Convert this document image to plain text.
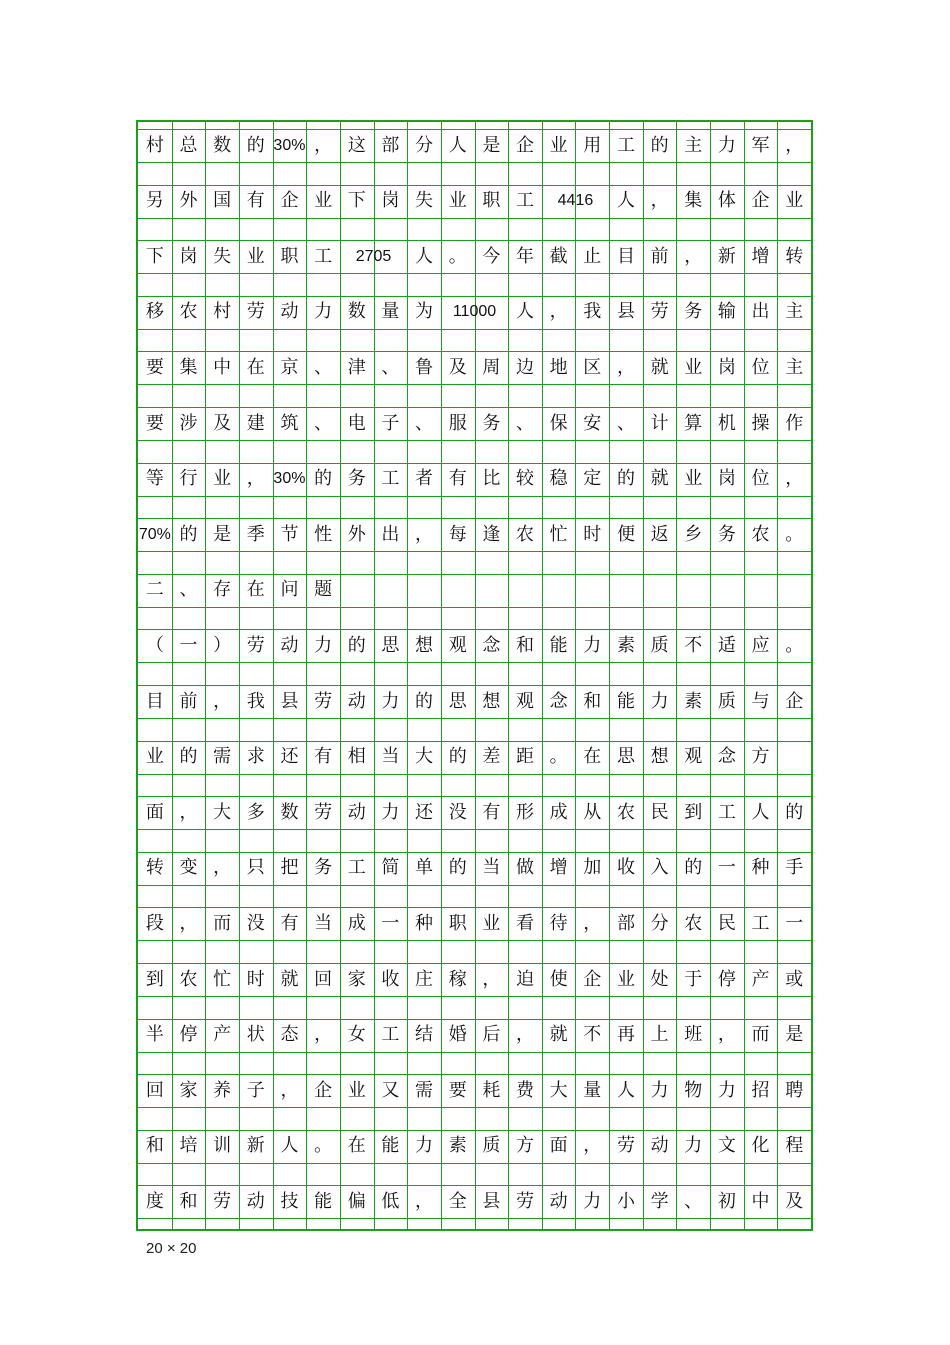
村 总 数 的 30% ， 这 部 分 人 是 企 业 用 工 的 主 力 军 ，
另 外 国 有 企 业 下 岗 失 业 职 工	4416	人 ， 集 体 企 业
下 岗 失 业 职 工	2705	人 。 今 年 截 止 目 前 ， 新 增 转
移 农 村 劳 动 力 数 量 为	11000	人 ， 我 县 劳 务 输 出 主
要 集 中 在 京 、 津 、 鲁 及 周 边 地 区 ， 就 业 岗 位 主
要 涉 及 建 筑 、 电 子 、 服 务 、 保 安 、 计 算 机 操 作
等 行 业 ， 30% 的 务 工 者 有 比 较 稳 定 的 就 业 岗 位 ，
70% 的 是 季 节 性 外 出 ， 每 逢 农 忙 时 便 返 乡 务 农 。
二 、 存 在 问 题
（ 一 ） 劳 动 力 的 思 想 观 念 和 能 力 素 质 不 适 应 。
目 前 ， 我 县 劳 动 力 的 思 想 观 念 和 能 力 素 质 与 企
业 的 需 求 还 有 相 当 大 的 差 距 。 在 思 想 观 念 方
面 ， 大 多 数 劳 动 力 还 没 有 形 成 从 农 民 到 工 人 的
转 变 ， 只 把 务 工 简 单 的 当 做 增 加 收 入 的 一 种 手
段 ， 而 没 有 当 成 一 种 职 业 看 待 ， 部 分 农 民 工 一
到 农 忙 时 就 回 家 收 庄 稼 ， 迫 使 企 业 处 于 停 产 或
半 停 产 状 态 ， 女 工 结 婚 后 ， 就 不 再 上 班 ， 而 是
回 家 养 子 ， 企 业 又 需 要 耗 费 大 量 人 力 物 力 招 聘
和 培 训 新 人 。 在 能 力 素 质 方 面 ， 劳 动 力 文 化 程
度 和 劳 动 技 能 偏 低 ， 全 县 劳 动 力 小 学 、 初 中 及
20 × 20
